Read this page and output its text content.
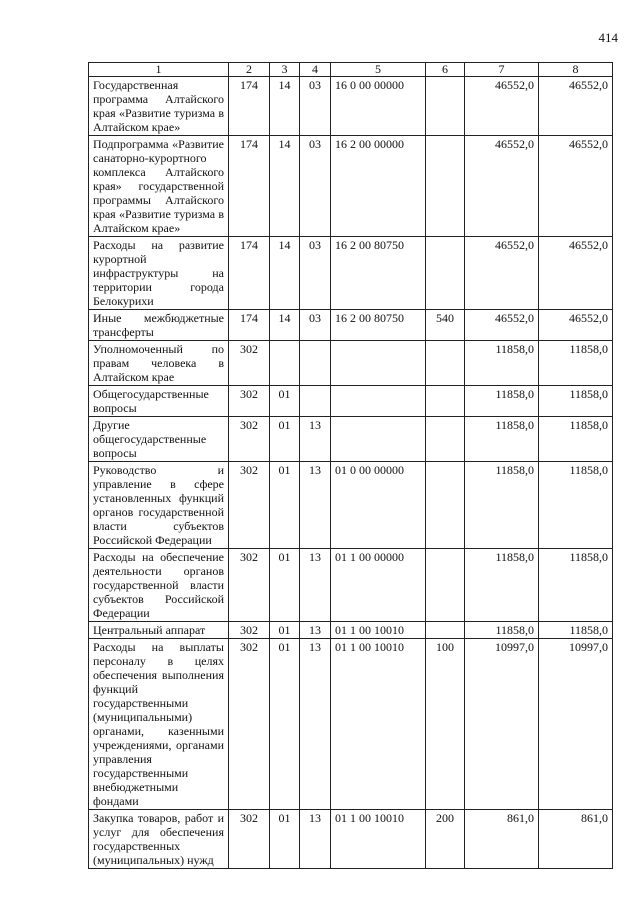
414
1	2	3	4	5	6	7	8
Государственная программа Алтайского края «Развитие туризма в Алтайском крае»	174	14	03	16 0 00 00000		46552,0	46552,0
Подпрограмма «Развитие санаторно-курортного комплекса Алтайского края» государственной программы Алтайского края «Развитие туризма в Алтайском крае»	174	14	03	16 2 00 00000		46552,0	46552,0
Расходы на развитие курортной инфраструктуры на территории города Белокурихи	174	14	03	16 2 00 80750		46552,0	46552,0
Иные межбюджетные трансферты	174	14	03	16 2 00 80750	540	46552,0	46552,0
Уполномоченный по правам человека в Алтайском крае	302					11858,0	11858,0
Общегосударственные вопросы	302	01				11858,0	11858,0
Другие общегосударственные вопросы	302	01	13			11858,0	11858,0
Руководство и управление в сфере установленных функций органов государственной власти субъектов Российской Федерации	302	01	13	01 0 00 00000		11858,0	11858,0
Расходы на обеспечение деятельности органов государственной власти субъектов Российской Федерации	302	01	13	01 1 00 00000		11858,0	11858,0
Центральный аппарат	302	01	13	01 1 00 10010		11858,0	11858,0
Расходы на выплаты персоналу в целях обеспечения выполнения функций государственными (муниципальными) органами, казенными учреждениями, органами управления государственными внебюджетными фондами	302	01	13	01 1 00 10010	100	10997,0	10997,0
Закупка товаров, работ и услуг для обеспечения государственных (муниципальных) нужд	302	01	13	01 1 00 10010	200	861,0	861,0
